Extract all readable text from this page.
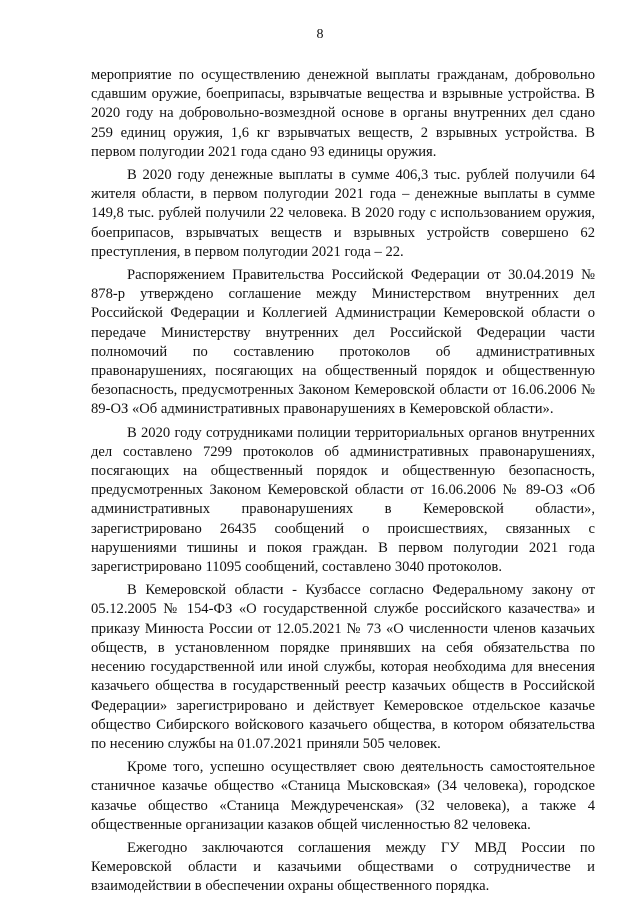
8

мероприятие по осуществлению денежной выплаты гражданам, добровольно сдавшим оружие, боеприпасы, взрывчатые вещества и взрывные устройства. В 2020 году на добровольно-возмездной основе в органы внутренних дел сдано 259 единиц оружия, 1,6 кг взрывчатых веществ, 2 взрывных устройства. В первом полугодии 2021 года сдано 93 единицы оружия.

В 2020 году денежные выплаты в сумме 406,3 тыс. рублей получили 64 жителя области, в первом полугодии 2021 года – денежные выплаты в сумме 149,8 тыс. рублей получили 22 человека. В 2020 году с использованием оружия, боеприпасов, взрывчатых веществ и взрывных устройств совершено 62 преступления, в первом полугодии 2021 года – 22.

Распоряжением Правительства Российской Федерации от 30.04.2019 № 878-р утверждено соглашение между Министерством внутренних дел Российской Федерации и Коллегией Администрации Кемеровской области о передаче Министерству внутренних дел Российской Федерации части полномочий по составлению протоколов об административных правонарушениях, посягающих на общественный порядок и общественную безопасность, предусмотренных Законом Кемеровской области от 16.06.2006 № 89-ОЗ «Об административных правонарушениях в Кемеровской области».

В 2020 году сотрудниками полиции территориальных органов внутренних дел составлено 7299 протоколов об административных правонарушениях, посягающих на общественный порядок и общественную безопасность, предусмотренных Законом Кемеровской области от 16.06.2006 № 89-ОЗ «Об административных правонарушениях в Кемеровской области», зарегистрировано 26435 сообщений о происшествиях, связанных с нарушениями тишины и покоя граждан. В первом полугодии 2021 года зарегистрировано 11095 сообщений, составлено 3040 протоколов.

В Кемеровской области - Кузбассе согласно Федеральному закону от 05.12.2005 № 154-ФЗ «О государственной службе российского казачества» и приказу Минюста России от 12.05.2021 № 73 «О численности членов казачьих обществ, в установленном порядке принявших на себя обязательства по несению государственной или иной службы, которая необходима для внесения казачьего общества в государственный реестр казачьих обществ в Российской Федерации» зарегистрировано и действует Кемеровское отдельское казачье общество Сибирского войскового казачьего общества, в котором обязательства по несению службы на 01.07.2021 приняли 505 человек.

Кроме того, успешно осуществляет свою деятельность самостоятельное станичное казачье общество «Станица Мысковская» (34 человека), городское казачье общество «Станица Междуреченская» (32 человека), а также 4 общественные организации казаков общей численностью 82 человека.

Ежегодно заключаются соглашения между ГУ МВД России по Кемеровской области и казачьими обществами о сотрудничестве и взаимодействии в обеспечении охраны общественного порядка.
